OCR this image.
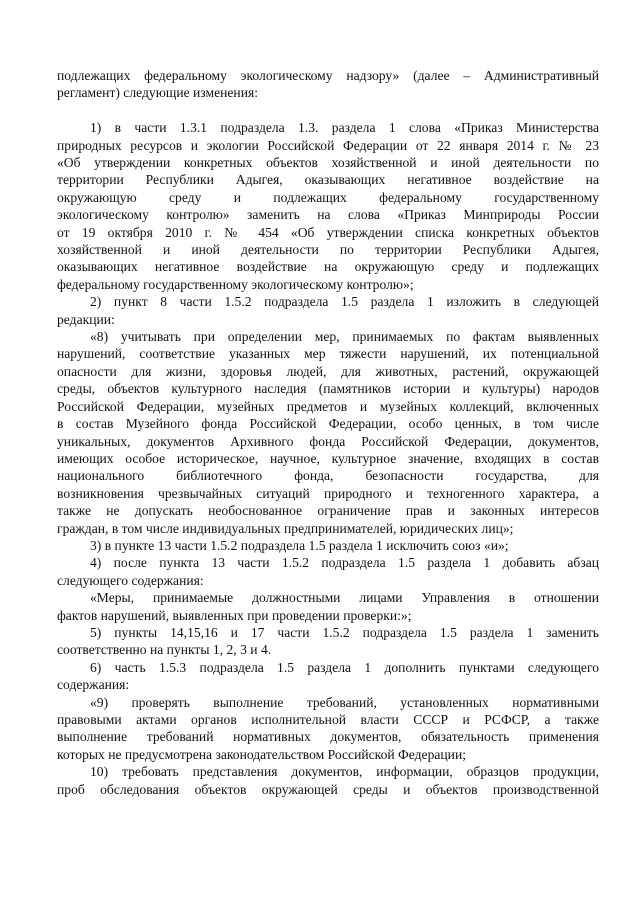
подлежащих федеральному экологическому надзору» (далее – Административный
регламент) следующие изменения:
1) в части 1.3.1 подраздела 1.3. раздела 1 слова «Приказ Министерства
природных ресурсов и экологии Российской Федерации от 22 января 2014 г. № 23
«Об утверждении конкретных объектов хозяйственной и иной деятельности по
территории Республики Адыгея, оказывающих негативное воздействие на
окружающую среду и подлежащих федеральному государственному
экологическому контролю» заменить на слова «Приказ Минприроды России
от 19 октября 2010 г. № 454 «Об утверждении списка конкретных объектов
хозяйственной и иной деятельности по территории Республики Адыгея,
оказывающих негативное воздействие на окружающую среду и подлежащих
федеральному государственному экологическому контролю»;
2) пункт 8 части 1.5.2 подраздела 1.5 раздела 1 изложить в следующей
редакции:
«8) учитывать при определении мер, принимаемых по фактам выявленных
нарушений, соответствие указанных мер тяжести нарушений, их потенциальной
опасности для жизни, здоровья людей, для животных, растений, окружающей
среды, объектов культурного наследия (памятников истории и культуры) народов
Российской Федерации, музейных предметов и музейных коллекций, включенных
в состав Музейного фонда Российской Федерации, особо ценных, в том числе
уникальных, документов Архивного фонда Российской Федерации, документов,
имеющих особое историческое, научное, культурное значение, входящих в состав
национального библиотечного фонда, безопасности государства, для
возникновения чрезвычайных ситуаций природного и техногенного характера, а
также не допускать необоснованное ограничение прав и законных интересов
граждан, в том числе индивидуальных предпринимателей, юридических лиц»;
3) в пункте 13 части 1.5.2 подраздела 1.5 раздела 1 исключить союз «и»;
4) после пункта 13 части 1.5.2 подраздела 1.5 раздела 1 добавить абзац
следующего содержания:
«Меры, принимаемые должностными лицами Управления в отношении
фактов нарушений, выявленных при проведении проверки:»;
5) пункты 14,15,16 и 17 части 1.5.2 подраздела 1.5 раздела 1 заменить
соответственно на пункты 1, 2, 3 и 4.
6) часть 1.5.3 подраздела 1.5 раздела 1 дополнить пунктами следующего
содержания:
«9) проверять выполнение требований, установленных нормативными
правовыми актами органов исполнительной власти СССР и РСФСР, а также
выполнение требований нормативных документов, обязательность применения
которых не предусмотрена законодательством Российской Федерации;
10) требовать представления документов, информации, образцов продукции,
проб обследования объектов окружающей среды и объектов производственной
